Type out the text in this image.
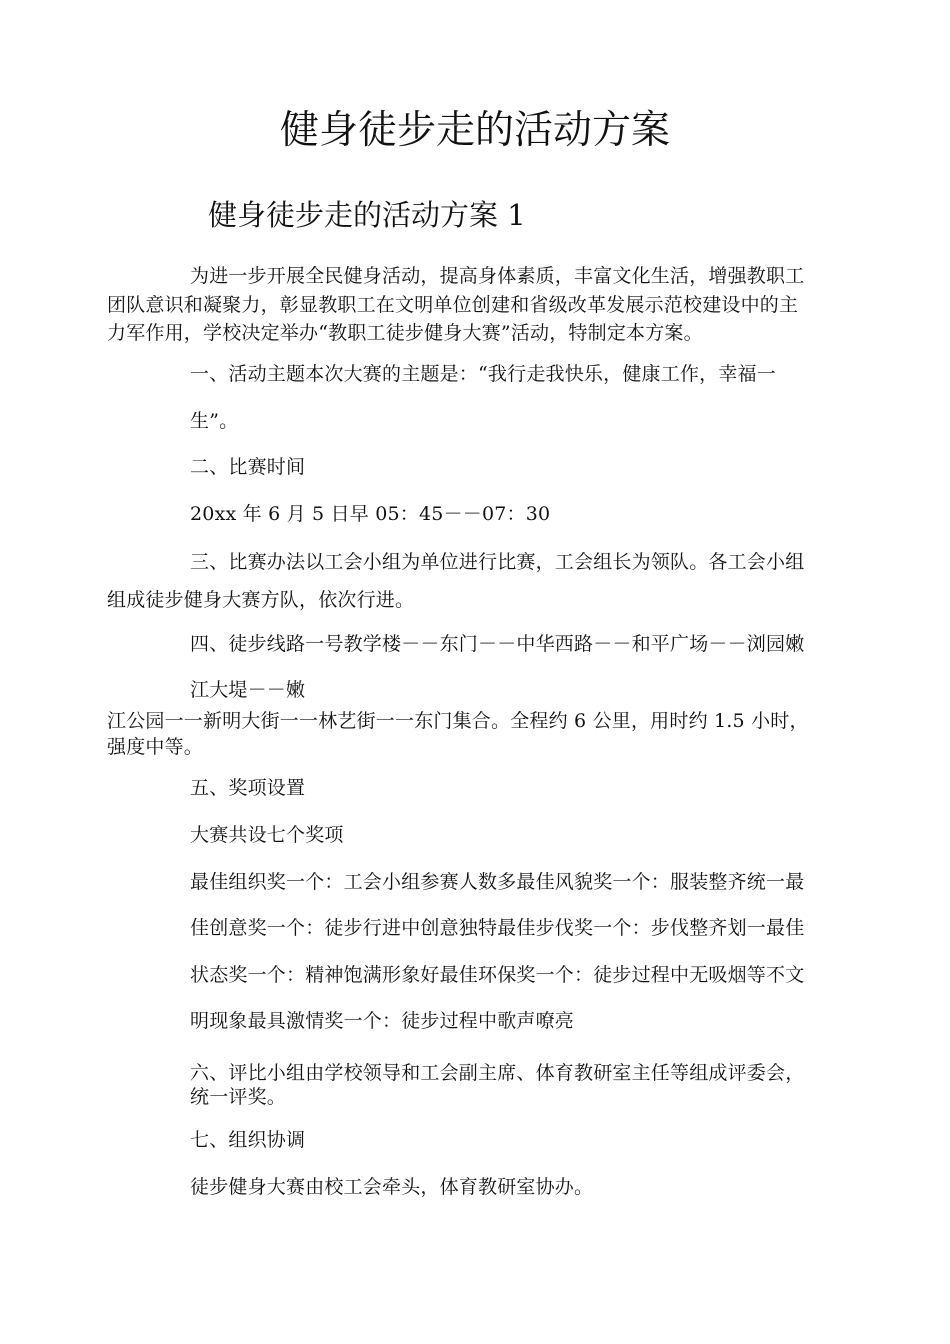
健身徒步走的活动方案
健身徒步走的活动方案 1
为进一步开展全民健身活动，提高身体素质，丰富文化生活，增强教职工
团队意识和凝聚力，彰显教职工在文明单位创建和省级改革发展示范校建设中的主
力军作用，学校决定举办“教职工徒步健身大赛”活动，特制定本方案。
一、活动主题本次大赛的主题是：“我行走我快乐，健康工作，幸福一
生”。
二、比赛时间
20xx 年 6 月 5 日早 05：45－－07：30
三、比赛办法以工会小组为单位进行比赛，工会组长为领队。各工会小组
组成徒步健身大赛方队，依次行进。
四、徒步线路一号教学楼－－东门－－中华西路－－和平广场－－浏园嫩
江大堤－－嫩
江公园一一新明大街一一林艺街一一东门集合。全程约 6 公里，用时约 1.5 小时，
强度中等。
五、奖项设置
大赛共设七个奖项
最佳组织奖一个：工会小组参赛人数多最佳风貌奖一个：服装整齐统一最
佳创意奖一个：徒步行进中创意独特最佳步伐奖一个：步伐整齐划一最佳
状态奖一个：精神饱满形象好最佳环保奖一个：徒步过程中无吸烟等不文
明现象最具激情奖一个：徒步过程中歌声嘹亮
六、评比小组由学校领导和工会副主席、体育教研室主任等组成评委会，
统一评奖。
七、组织协调
徒步健身大赛由校工会牵头，体育教研室协办。
